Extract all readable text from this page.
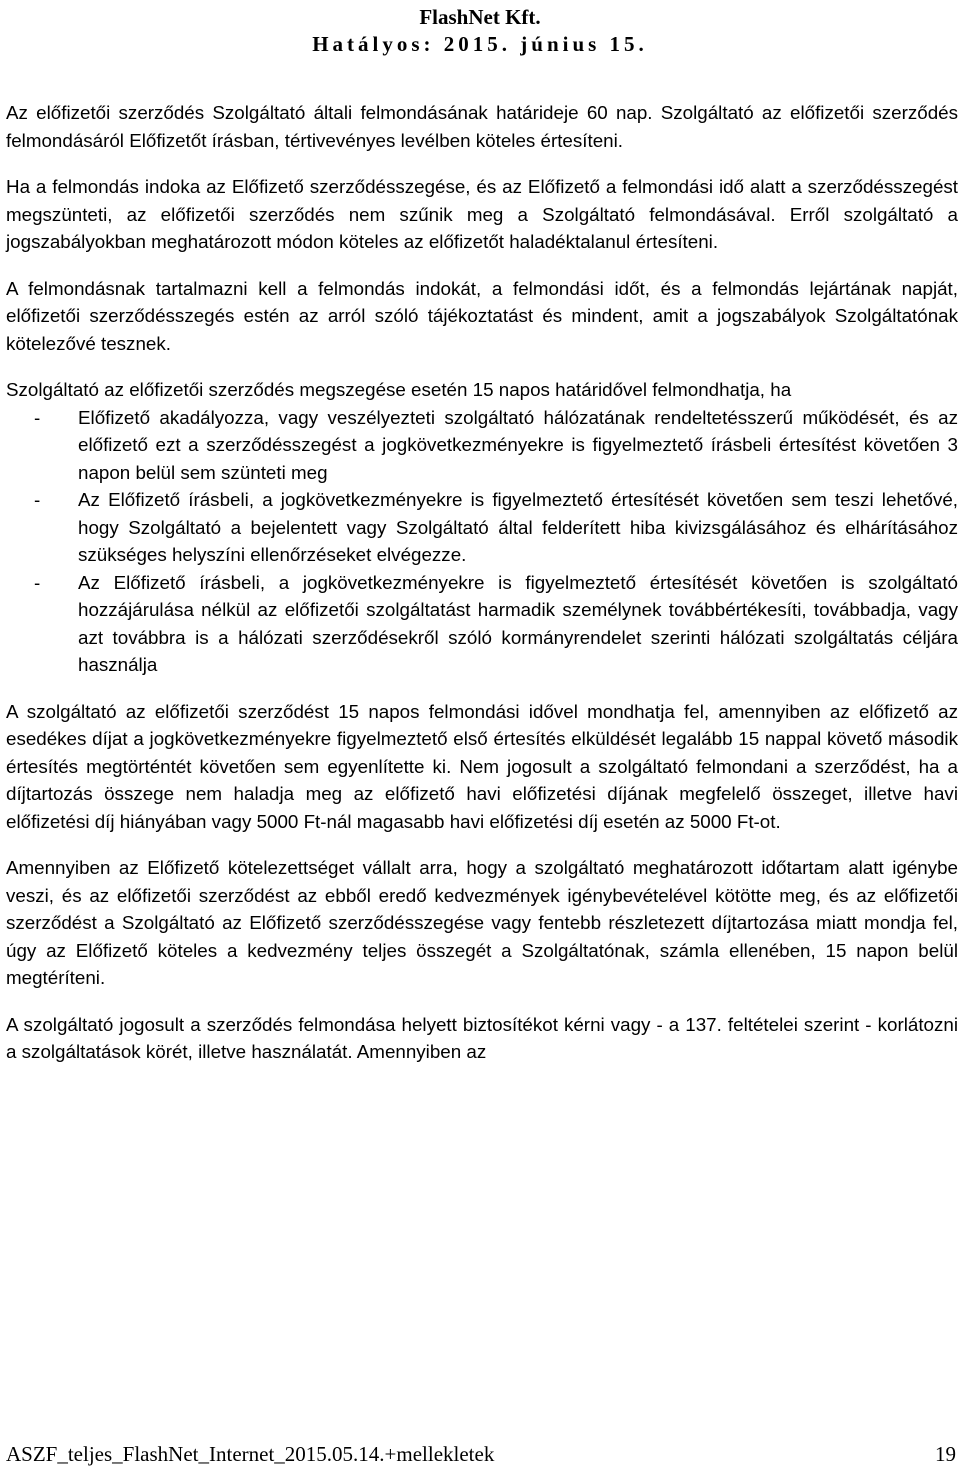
FlashNet Kft.
Hatályos: 2015. június 15.

Az előfizetői szerződés Szolgáltató általi felmondásának határideje 60 nap. Szolgáltató az előfizetői szerződés felmondásáról Előfizetőt írásban, tértivevényes levélben köteles értesíteni.

Ha a felmondás indoka az Előfizető szerződésszegése, és az Előfizető a felmondási idő alatt a szerződésszegést megszünteti, az előfizetői szerződés nem szűnik meg a Szolgáltató felmondásával. Erről szolgáltató a jogszabályokban meghatározott módon köteles az előfizetőt haladéktalanul értesíteni.

A felmondásnak tartalmazni kell a felmondás indokát, a felmondási időt, és a felmondás lejártának napját, előfizetői szerződésszegés estén az arról szóló tájékoztatást és mindent, amit a jogszabályok Szolgáltatónak kötelezővé tesznek.

Szolgáltató az előfizetői szerződés megszegése esetén 15 napos határidővel felmondhatja, ha

- Előfizető akadályozza, vagy veszélyezteti szolgáltató hálózatának rendeltetésszerű működését, és az előfizető ezt a szerződésszegést a jogkövetkezményekre is figyelmeztető írásbeli értesítést követően 3 napon belül sem szünteti meg
- Az Előfizető írásbeli, a jogkövetkezményekre is figyelmeztető értesítését követően sem teszi lehetővé, hogy Szolgáltató a bejelentett vagy Szolgáltató által felderített hiba kivizsgálásához és elhárításához szükséges helyszíni ellenőrzéseket elvégezze.
- Az Előfizető írásbeli, a jogkövetkezményekre is figyelmeztető értesítését követően is szolgáltató hozzájárulása nélkül az előfizetői szolgáltatást harmadik személynek továbbértékesíti, továbbadja, vagy azt továbbra is a hálózati szerződésekről szóló kormányrendelet szerinti hálózati szolgáltatás céljára használja

A szolgáltató az előfizetői szerződést 15 napos felmondási idővel mondhatja fel, amennyiben az előfizető az esedékes díjat a jogkövetkezményekre figyelmeztető első értesítés elküldését legalább 15 nappal követő második értesítés megtörténtét követően sem egyenlítette ki. Nem jogosult a szolgáltató felmondani a szerződést, ha a díjtartozás összege nem haladja meg az előfizető havi előfizetési díjának megfelelő összeget, illetve havi előfizetési díj hiányában vagy 5000 Ft-nál magasabb havi előfizetési díj esetén az 5000 Ft-ot.

Amennyiben az Előfizető kötelezettséget vállalt arra, hogy a szolgáltató meghatározott időtartam alatt igénybe veszi, és az előfizetői szerződést az ebből eredő kedvezmények igénybevételével kötötte meg, és az előfizetői szerződést a Szolgáltató az Előfizető szerződésszegése vagy fentebb részletezett díjtartozása miatt mondja fel, úgy az Előfizető köteles a kedvezmény teljes összegét a Szolgáltatónak, számla ellenében, 15 napon belül megtéríteni.

A szolgáltató jogosult a szerződés felmondása helyett biztosítékot kérni vagy - a 137. feltételei szerint - korlátozni a szolgáltatások körét, illetve használatát. Amennyiben az

ASZF_teljes_FlashNet_Internet_2015.05.14.+mellekletek	19
